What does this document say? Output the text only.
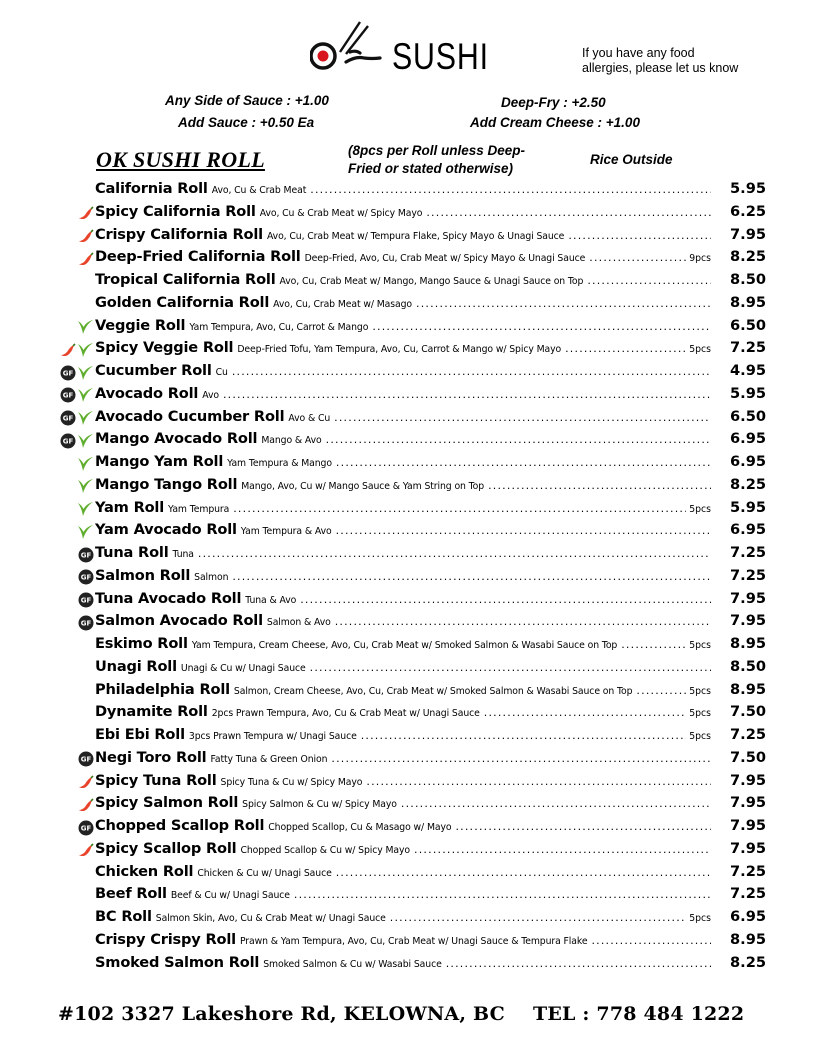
SUSHI	If you have any food
allergies, please let us know
Any Side of Sauce : +1.00
Add Sauce : +0.50 Ea
Deep-Fry : +2.50
Add Cream Cheese : +1.00
(8pcs per Roll unless Deep-
Fried or stated otherwise)
Rice Outside
OK SUSHI ROLL
California Roll Avo, Cu & Crab Meat .....	5.95
Spicy California Roll Avo, Cu & Crab Meat w/ Spicy Mayo .....	6.25
Crispy California Roll Avo, Cu, Crab Meat w/ Tempura Flake, Spicy Mayo & Unagi Sauce .....	7.95
Deep-Fried California Roll Deep-Fried, Avo, Cu, Crab Meat w/ Spicy Mayo & Unagi Sauce .....	9pcs 8.25
Tropical California Roll Avo, Cu, Crab Meat w/ Mango, Mango Sauce & Unagi Sauce on Top .....	8.50
Golden California Roll Avo, Cu, Crab Meat w/ Masago .....	8.95
Veggie Roll Yam Tempura, Avo, Cu, Carrot & Mango .....	6.50
Spicy Veggie Roll Deep-Fried Tofu, Yam Tempura, Avo, Cu, Carrot & Mango w/ Spicy Mayo .....	5pcs 7.25
GF Cucumber Roll Cu .....	4.95
GF Avocado Roll Avo .....	5.95
GF Avocado Cucumber Roll Avo & Cu .....	6.50
GF Mango Avocado Roll Mango & Avo .....	6.95
Mango Yam Roll Yam Tempura & Mango .....	6.95
Mango Tango Roll Mango, Avo, Cu w/ Mango Sauce & Yam String on Top .....	8.25
Yam Roll Yam Tempura .....	5pcs 5.95
Yam Avocado Roll Yam Tempura & Avo .....	6.95
GF Tuna Roll Tuna .....	7.25
GF Salmon Roll Salmon .....	7.25
GF Tuna Avocado Roll Tuna & Avo .....	7.95
GF Salmon Avocado Roll Salmon & Avo .....	7.95
Eskimo Roll Yam Tempura, Cream Cheese, Avo, Cu, Crab Meat w/ Smoked Salmon & Wasabi Sauce on Top .....	5pcs 8.95
Unagi Roll Unagi & Cu w/ Unagi Sauce .....	8.50
Philadelphia Roll Salmon, Cream Cheese, Avo, Cu, Crab Meat w/ Smoked Salmon & Wasabi Sauce on Top .....	5pcs 8.95
Dynamite Roll 2pcs Prawn Tempura, Avo, Cu & Crab Meat w/ Unagi Sauce .....	5pcs 7.50
Ebi Ebi Roll 3pcs Prawn Tempura w/ Unagi Sauce .....	5pcs 7.25
GF Negi Toro Roll Fatty Tuna & Green Onion .....	7.50
Spicy Tuna Roll Spicy Tuna & Cu w/ Spicy Mayo .....	7.95
Spicy Salmon Roll Spicy Salmon & Cu w/ Spicy Mayo .....	7.95
GF Chopped Scallop Roll Chopped Scallop, Cu & Masago w/ Mayo .....	7.95
Spicy Scallop Roll Chopped Scallop & Cu w/ Spicy Mayo .....	7.95
Chicken Roll Chicken & Cu w/ Unagi Sauce .....	7.25
Beef Roll Beef & Cu w/ Unagi Sauce .....	7.25
BC Roll Salmon Skin, Avo, Cu & Crab Meat w/ Unagi Sauce .....	5pcs 6.95
Crispy Crispy Roll Prawn & Yam Tempura, Avo, Cu, Crab Meat w/ Unagi Sauce & Tempura Flake .....	8.95
Smoked Salmon Roll Smoked Salmon & Cu w/ Wasabi Sauce .....	8.25
#102 3327 Lakeshore Rd, KELOWNA, BC TEL : 778 484 1222
